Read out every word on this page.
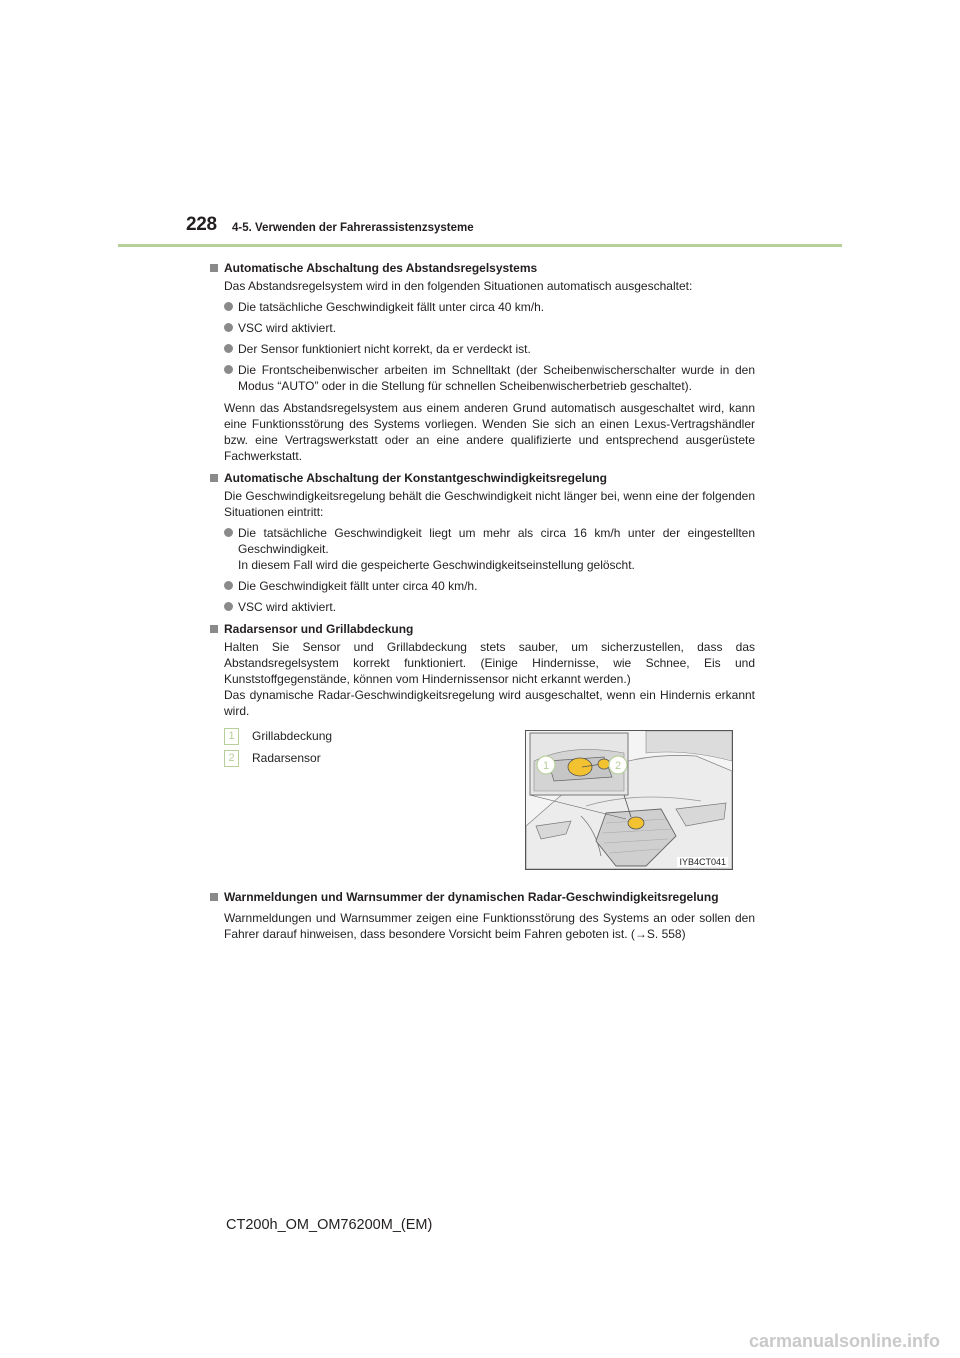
228 4-5. Verwenden der Fahrerassistenzsysteme
Automatische Abschaltung des Abstandsregelsystems
Das Abstandsregelsystem wird in den folgenden Situationen automatisch ausgeschaltet:
Die tatsächliche Geschwindigkeit fällt unter circa 40 km/h.
VSC wird aktiviert.
Der Sensor funktioniert nicht korrekt, da er verdeckt ist.
Die Frontscheibenwischer arbeiten im Schnelltakt (der Scheibenwischerschalter wurde in den Modus “AUTO” oder in die Stellung für schnellen Scheibenwischerbetrieb geschaltet).
Wenn das Abstandsregelsystem aus einem anderen Grund automatisch ausgeschaltet wird, kann eine Funktionsstörung des Systems vorliegen. Wenden Sie sich an einen Lexus-Vertragshändler bzw. eine Vertragswerkstatt oder an eine andere qualifizierte und entsprechend ausgerüstete Fachwerkstatt.
Automatische Abschaltung der Konstantgeschwindigkeitsregelung
Die Geschwindigkeitsregelung behält die Geschwindigkeit nicht länger bei, wenn eine der folgenden Situationen eintritt:
Die tatsächliche Geschwindigkeit liegt um mehr als circa 16 km/h unter der eingestellten Geschwindigkeit.
In diesem Fall wird die gespeicherte Geschwindigkeitseinstellung gelöscht.
Die Geschwindigkeit fällt unter circa 40 km/h.
VSC wird aktiviert.
Radarsensor und Grillabdeckung
Halten Sie Sensor und Grillabdeckung stets sauber, um sicherzustellen, dass das Abstandsregelsystem korrekt funktioniert. (Einige Hindernisse, wie Schnee, Eis und Kunststoffgegenstände, können vom Hindernissensor nicht erkannt werden.)
Das dynamische Radar-Geschwindigkeitsregelung wird ausgeschaltet, wenn ein Hindernis erkannt wird.
1	Grillabdeckung
2	Radarsensor
1	2
IYB4CT041
Warnmeldungen und Warnsummer der dynamischen Radar-Geschwindigkeitsregelung
Warnmeldungen und Warnsummer zeigen eine Funktionsstörung des Systems an oder sollen den Fahrer darauf hinweisen, dass besondere Vorsicht beim Fahren geboten ist. (→S. 558)
CT200h_OM_OM76200M_(EM)
carmanualsonline.info
